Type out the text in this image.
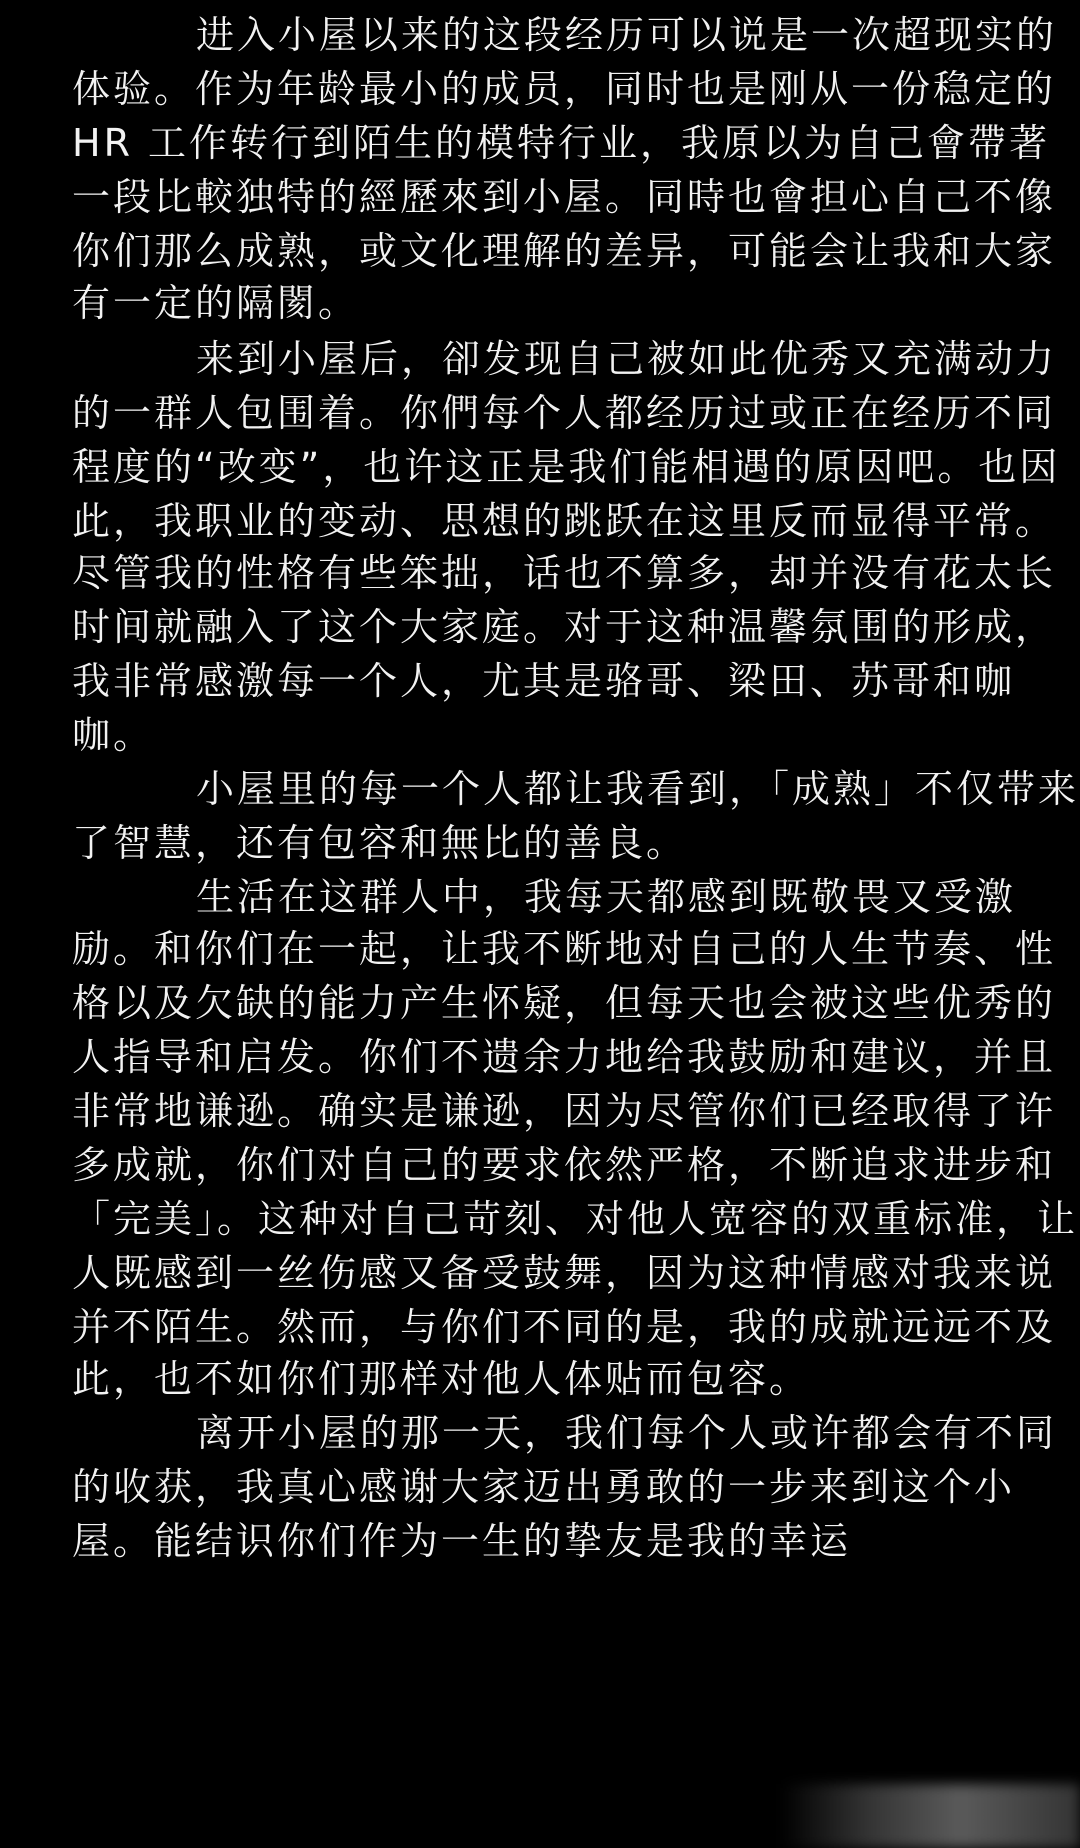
进入小屋以来的这段经历可以说是一次超现实的
体验。作为年龄最小的成员，同时也是刚从一份稳定的
HR 工作转行到陌生的模特行业，我原以为自己會帶著
一段比較独特的經歷來到小屋。同時也會担心自己不像
你们那么成熟，或文化理解的差异，可能会让我和大家
有一定的隔閡。
来到小屋后，卻发现自己被如此优秀又充满动力
的一群人包围着。你們每个人都经历过或正在经历不同
程度的“改变”，也许这正是我们能相遇的原因吧。也因
此，我职业的变动、思想的跳跃在这里反而显得平常。
尽管我的性格有些笨拙，话也不算多，却并没有花太长
时间就融入了这个大家庭。对于这种温馨氛围的形成，
我非常感激每一个人，尤其是骆哥、梁田、苏哥和咖
咖。
小屋里的每一个人都让我看到，「成熟」不仅带来
了智慧，还有包容和無比的善良。
生活在这群人中，我每天都感到既敬畏又受激
励。和你们在一起，让我不断地对自己的人生节奏、性
格以及欠缺的能力产生怀疑，但每天也会被这些优秀的
人指导和启发。你们不遗余力地给我鼓励和建议，并且
非常地谦逊。确实是谦逊，因为尽管你们已经取得了许
多成就，你们对自己的要求依然严格，不断追求进步和
「完美」。这种对自己苛刻、对他人宽容的双重标准，让
人既感到一丝伤感又备受鼓舞，因为这种情感对我来说
并不陌生。然而，与你们不同的是，我的成就远远不及
此，也不如你们那样对他人体贴而包容。
离开小屋的那一天，我们每个人或许都会有不同
的收获，我真心感谢大家迈出勇敢的一步来到这个小
屋。能结识你们作为一生的挚友是我的幸运
